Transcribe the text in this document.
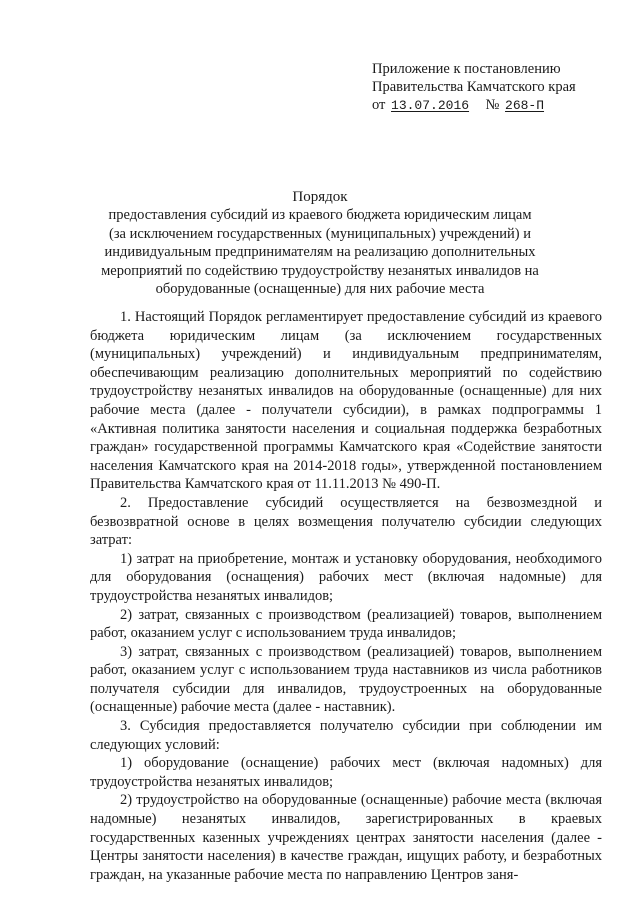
Приложение к постановлению
Правительства Камчатского края
от 13.07.2016 № 268-П
Порядок
предоставления субсидий из краевого бюджета юридическим лицам (за исключением государственных (муниципальных) учреждений) и индивидуальным предпринимателям на реализацию дополнительных мероприятий по содействию трудоустройству незанятых инвалидов на оборудованные (оснащенные) для них рабочие места

1. Настоящий Порядок регламентирует предоставление субсидий из краевого бюджета юридическим лицам (за исключением государственных (муниципальных) учреждений) и индивидуальным предпринимателям, обеспечивающим реализацию дополнительных мероприятий по содействию трудоустройству незанятых инвалидов на оборудованные (оснащенные) для них рабочие места (далее - получатели субсидии), в рамках подпрограммы 1 «Активная политика занятости населения и социальная поддержка безработных граждан» государственной программы Камчатского края «Содействие занятости населения Камчатского края на 2014-2018 годы», утвержденной постановлением Правительства Камчатского края от 11.11.2013 № 490-П.

2. Предоставление субсидий осуществляется на безвозмездной и безвозвратной основе в целях возмещения получателю субсидии следующих затрат:

1) затрат на приобретение, монтаж и установку оборудования, необходимого для оборудования (оснащения) рабочих мест (включая надомные) для трудоустройства незанятых инвалидов;

2) затрат, связанных с производством (реализацией) товаров, выполнением работ, оказанием услуг с использованием труда инвалидов;

3) затрат, связанных с производством (реализацией) товаров, выполнением работ, оказанием услуг с использованием труда наставников из числа работников получателя субсидии для инвалидов, трудоустроенных на оборудованные (оснащенные) рабочие места (далее - наставник).

3. Субсидия предоставляется получателю субсидии при соблюдении им следующих условий:

1) оборудование (оснащение) рабочих мест (включая надомных) для трудоустройства незанятых инвалидов;

2) трудоустройство на оборудованные (оснащенные) рабочие места (включая надомные) незанятых инвалидов, зарегистрированных в краевых государственных казенных учреждениях центрах занятости населения (далее - Центры занятости населения) в качестве граждан, ищущих работу, и безработных граждан, на указанные рабочие места по направлению Центров заня-
